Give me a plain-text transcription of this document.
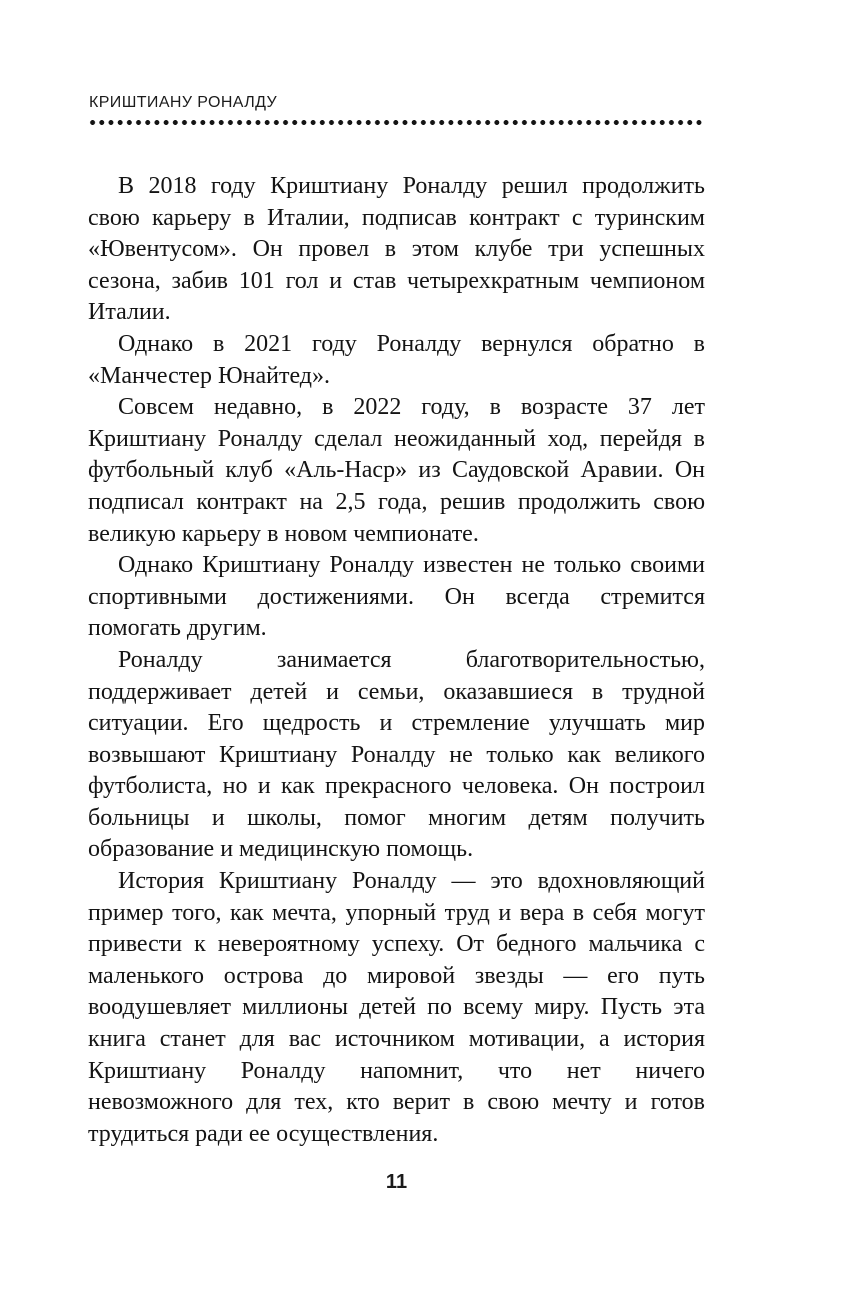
КРИШТИАНУ РОНАЛДУ

В 2018 году Криштиану Роналду решил продолжить свою карьеру в Италии, подписав контракт с туринским «Ювентусом». Он провел в этом клубе три успешных сезона, забив 101 гол и став четырехкратным чемпионом Италии.

Однако в 2021 году Роналду вернулся обратно в «Манчестер Юнайтед».

Совсем недавно, в 2022 году, в возрасте 37 лет Криштиану Роналду сделал неожиданный ход, перейдя в футбольный клуб «Аль-Наср» из Саудовской Аравии. Он подписал контракт на 2,5 года, решив продолжить свою великую карьеру в новом чемпионате.

Однако Криштиану Роналду известен не только своими спортивными достижениями. Он всегда стремится помогать другим.

Роналду занимается благотворительностью, поддерживает детей и семьи, оказавшиеся в трудной ситуации. Его щедрость и стремление улучшать мир возвышают Криштиану Роналду не только как великого футболиста, но и как прекрасного человека. Он построил больницы и школы, помог многим детям получить образование и медицинскую помощь.

История Криштиану Роналду — это вдохновляющий пример того, как мечта, упорный труд и вера в себя могут привести к невероятному успеху. От бедного мальчика с маленького острова до мировой звезды — его путь воодушевляет миллионы детей по всему миру. Пусть эта книга станет для вас источником мотивации, а история Криштиану Роналду напомнит, что нет ничего невозможного для тех, кто верит в свою мечту и готов трудиться ради ее осуществления.

11
